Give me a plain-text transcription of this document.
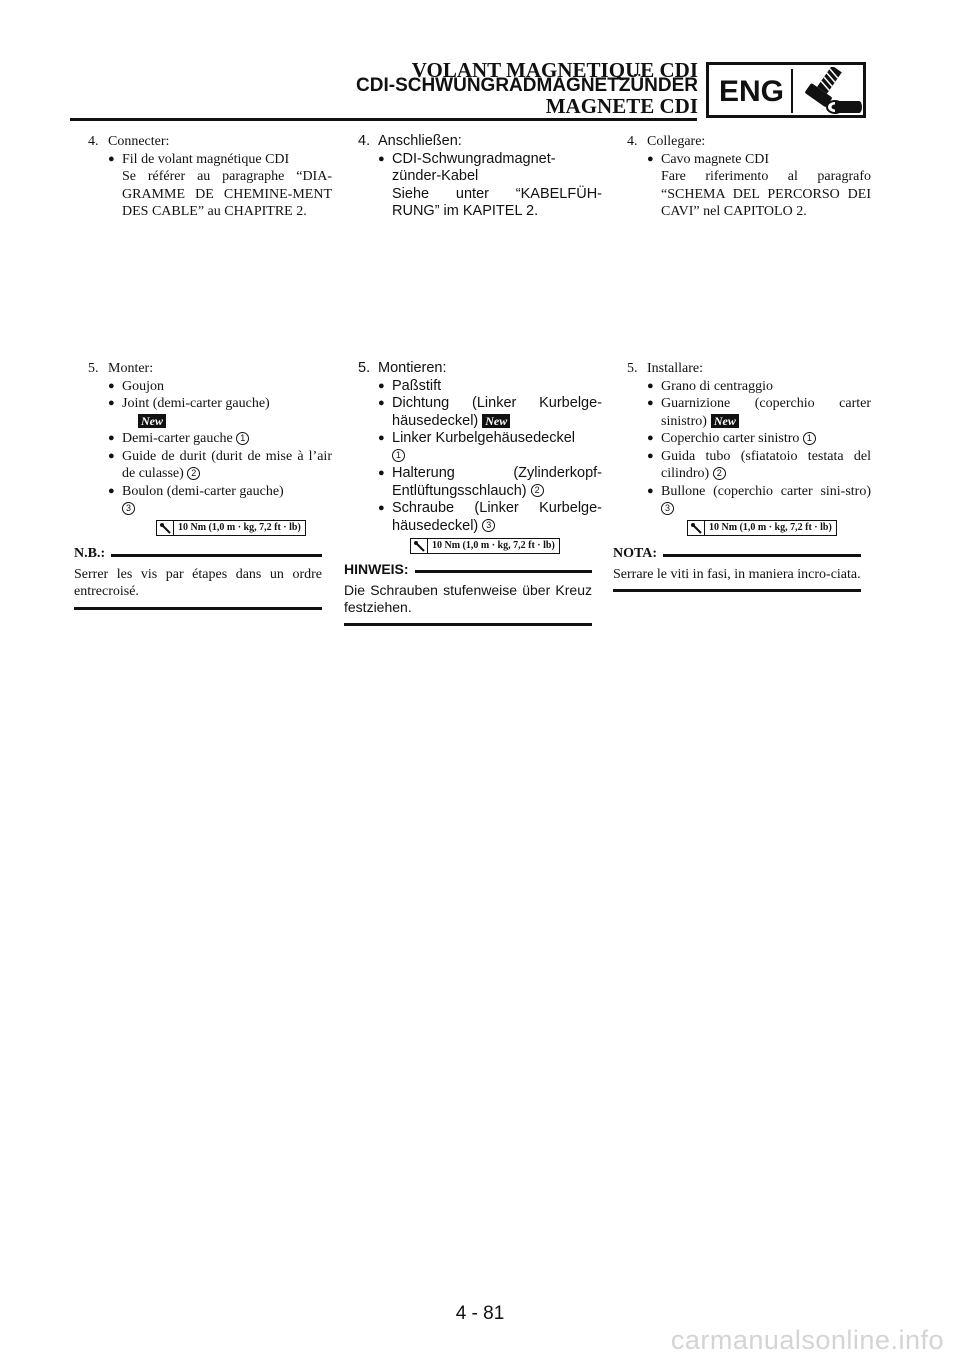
VOLANT MAGNETIQUE CDI
CDI-SCHWUNGRADMAGNETZÜNDER
MAGNETE CDI ENG
4. Connecter:
● Fil de volant magnétique CDI
Se référer au paragraphe “DIA-GRAMME DE CHEMINE-MENT DES CABLE” au CHAPITRE 2.
5. Monter:
● Goujon
● Joint (demi-carter gauche)
New
● Demi-carter gauche 1
● Guide de durit (durit de mise à l’air de culasse) 2
● Boulon (demi-carter gauche)
3
10 Nm (1,0 m · kg, 7,2 ft · lb)
N.B.:
Serrer les vis par étapes dans un ordre entrecroisé.
4. Anschließen:
● CDI-Schwungradmagnet-zünder-Kabel
Siehe unter “KABELFÜH-RUNG” im KAPITEL 2.
5. Montieren:
● Paßstift
● Dichtung (Linker Kurbelge-häusedeckel) New
● Linker Kurbelgehäusedeckel
1
● Halterung (Zylinderkopf-Entlüftungsschlauch) 2
● Schraube (Linker Kurbelge-häusedeckel) 3
10 Nm (1,0 m · kg, 7,2 ft · lb)
HINWEIS:
Die Schrauben stufenweise über Kreuz festziehen.
4. Collegare:
● Cavo magnete CDI
Fare riferimento al paragrafo “SCHEMA DEL PERCORSO DEI CAVI” nel CAPITOLO 2.
5. Installare:
● Grano di centraggio
● Guarnizione (coperchio carter sinistro) New
● Coperchio carter sinistro 1
● Guida tubo (sfiatatoio testata del cilindro) 2
● Bullone (coperchio carter sini-stro) 3
10 Nm (1,0 m · kg, 7,2 ft · lb)
NOTA:
Serrare le viti in fasi, in maniera incro-ciata.
4 - 81
carmanualsonline.info
